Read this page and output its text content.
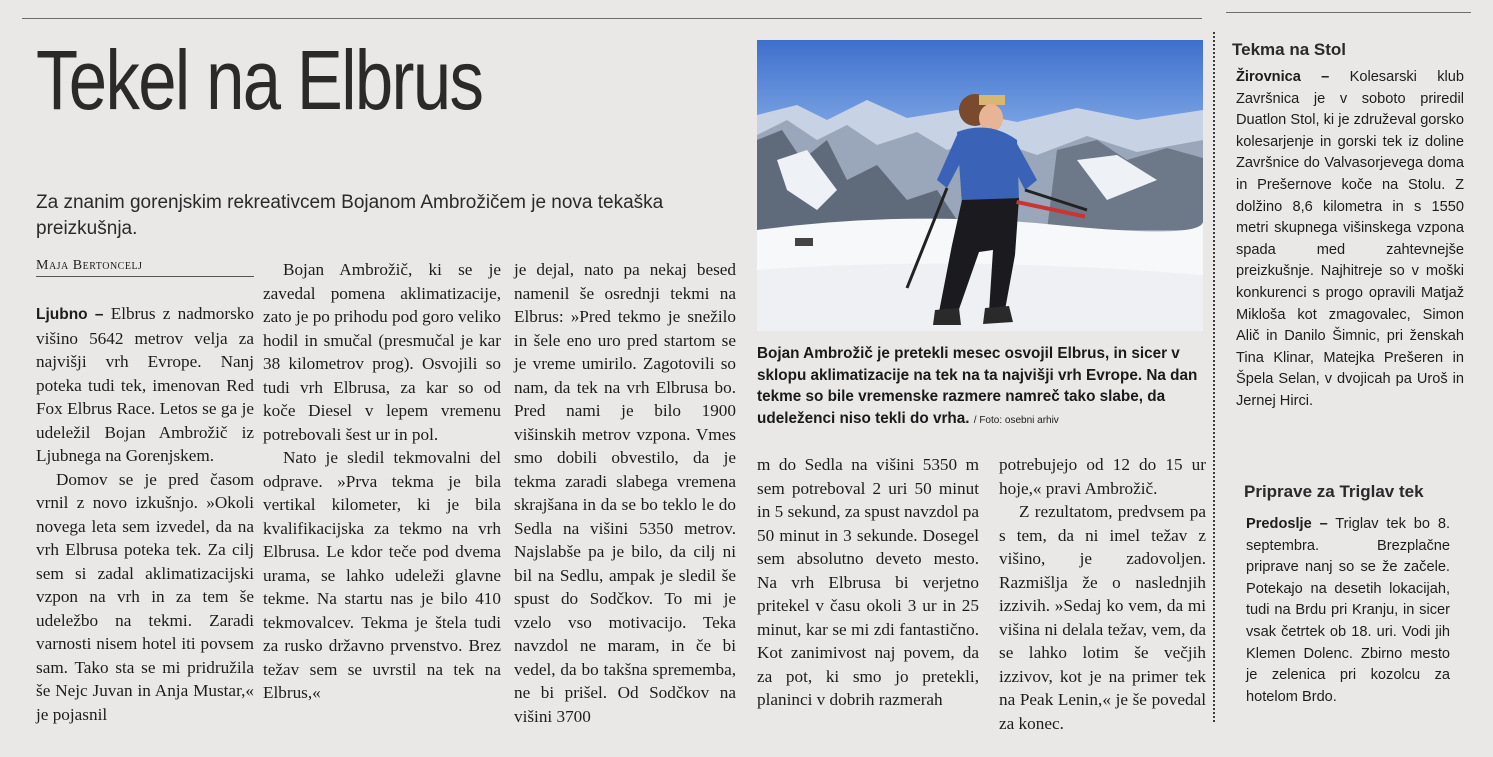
Tekel na Elbrus
Za znanim gorenjskim rekreativcem Bojanom Ambrožičem je nova tekaška preizkušnja.
Maja Bertoncelj

Ljubno – Elbrus z nadmorsko višino 5642 metrov velja za najvišji vrh Evrope. Nanj poteka tudi tek, imenovan Red Fox Elbrus Race. Letos se ga je udeležil Bojan Ambrožič iz Ljubnega na Gorenjskem.

Domov se je pred časom vrnil z novo izkušnjo. »Okoli novega leta sem izvedel, da na vrh Elbrusa poteka tek. Za cilj sem si zadal aklimatizacijski vzpon na vrh in za tem še udeležbo na tekmi. Zaradi varnosti nisem hotel iti povsem sam. Tako sta se mi pridružila še Nejc Juvan in Anja Mustar,« je pojasnil

Bojan Ambrožič, ki se je zavedal pomena aklimatizacije, zato je po prihodu pod goro veliko hodil in smučal (presmučal je kar 38 kilometrov prog). Osvojili so tudi vrh Elbrusa, za kar so od koče Diesel v lepem vremenu potrebovali šest ur in pol.

Nato je sledil tekmovalni del odprave. »Prva tekma je bila vertikal kilometer, ki je bila kvalifikacijska za tekmo na vrh Elbrusa. Le kdor teče pod dvema urama, se lahko udeleži glavne tekme. Na startu nas je bilo 410 tekmovalcev. Tekma je štela tudi za rusko državno prvenstvo. Brez težav sem se uvrstil na tek na Elbrus,«

je dejal, nato pa nekaj besed namenil še osrednji tekmi na Elbrus: »Pred tekmo je snežilo in šele eno uro pred startom se je vreme umirilo. Zagotovili so nam, da tek na vrh Elbrusa bo. Pred nami je bilo 1900 višinskih metrov vzpona. Vmes smo dobili obvestilo, da je tekma zaradi slabega vremena skrajšana in da se bo teklo le do Sedla na višini 5350 metrov. Najslabše pa je bilo, da cilj ni bil na Sedlu, ampak je sledil še spust do Sodčkov. To mi je vzelo vso motivacijo. Teka navzdol ne maram, in če bi vedel, da bo takšna sprememba, ne bi prišel. Od Sodčkov na višini 3700

Bojan Ambrožič je pretekli mesec osvojil Elbrus, in sicer v sklopu aklimatizacije na tek na ta najvišji vrh Evrope. Na dan tekme so bile vremenske razmere namreč tako slabe, da udeleženci niso tekli do vrha. / Foto: osebni arhiv

m do Sedla na višini 5350 m sem potreboval 2 uri 50 minut in 5 sekund, za spust navzdol pa 50 minut in 3 sekunde. Dosegel sem absolutno deveto mesto. Na vrh Elbrusa bi verjetno pritekel v času okoli 3 ur in 25 minut, kar se mi zdi fantastično. Kot zanimivost naj povem, da za pot, ki smo jo pretekli, planinci v dobrih razmerah

potrebujejo od 12 do 15 ur hoje,« pravi Ambrožič.

Z rezultatom, predvsem pa s tem, da ni imel težav z višino, je zadovoljen. Razmišlja že o naslednjih izzivih. »Sedaj ko vem, da mi višina ni delala težav, vem, da se lahko lotim še večjih izzivov, kot je na primer tek na Peak Lenin,« je še povedal za konec.

Tekma na Stol
Žirovnica – Kolesarski klub Završnica je v soboto priredil Duatlon Stol, ki je združeval gorsko kolesarjenje in gorski tek iz doline Završnice do Valvasorjevega doma in Prešernove koče na Stolu. Z dolžino 8,6 kilometra in s 1550 metri skupnega višinskega vzpona spada med zahtevnejše preizkušnje. Najhitreje so v moški konkurenci s progo opravili Matjaž Mikloša kot zmagovalec, Simon Alič in Danilo Šimnic, pri ženskah Tina Klinar, Matejka Prešeren in Špela Selan, v dvojicah pa Uroš in Jernej Hirci.
Priprave za Triglav tek
Predoslje – Triglav tek bo 8. septembra. Brezplačne priprave nanj so se že začele. Potekajo na desetih lokacijah, tudi na Brdu pri Kranju, in sicer vsak četrtek ob 18. uri. Vodi jih Klemen Dolenc. Zbirno mesto je zelenica pri kozolcu za hotelom Brdo.
